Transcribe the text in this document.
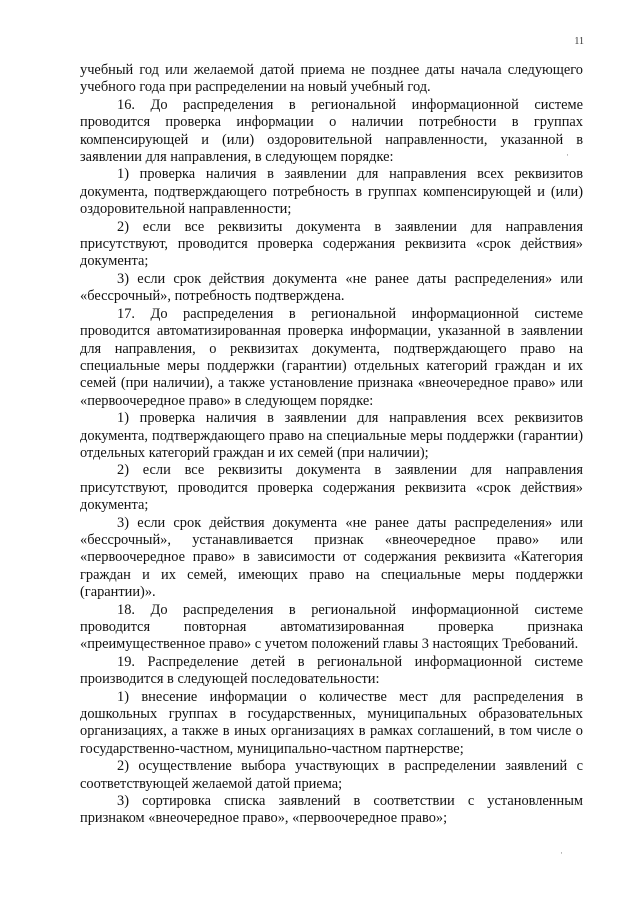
11
·
·

учебный год или желаемой датой приема не позднее даты начала следующего учебного года при распределении на новый учебный год.

16. До распределения в региональной информационной системе проводится проверка информации о наличии потребности в группах компенсирующей и (или) оздоровительной направленности, указанной в заявлении для направления, в следующем порядке:

1) проверка наличия в заявлении для направления всех реквизитов документа, подтверждающего потребность в группах компенсирующей и (или) оздоровительной направленности;

2) если все реквизиты документа в заявлении для направления присутствуют, проводится проверка содержания реквизита «срок действия» документа;

3) если срок действия документа «не ранее даты распределения» или «бессрочный», потребность подтверждена.

17. До распределения в региональной информационной системе проводится автоматизированная проверка информации, указанной в заявлении для направления, о реквизитах документа, подтверждающего право на специальные меры поддержки (гарантии) отдельных категорий граждан и их семей (при наличии), а также установление признака «внеочередное право» или «первоочередное право» в следующем порядке:

1) проверка наличия в заявлении для направления всех реквизитов документа, подтверждающего право на специальные меры поддержки (гарантии) отдельных категорий граждан и их семей (при наличии);

2) если все реквизиты документа в заявлении для направления присутствуют, проводится проверка содержания реквизита «срок действия» документа;

3) если срок действия документа «не ранее даты распределения» или «бессрочный», устанавливается признак «внеочередное право» или «первоочередное право» в зависимости от содержания реквизита «Категория граждан и их семей, имеющих право на специальные меры поддержки (гарантии)».

18. До распределения в региональной информационной системе проводится повторная автоматизированная проверка признака «преимущественное право» с учетом положений главы 3 настоящих Требований.

19. Распределение детей в региональной информационной системе производится в следующей последовательности:

1) внесение информации о количестве мест для распределения в дошкольных группах в государственных, муниципальных образовательных организациях, а также в иных организациях в рамках соглашений, в том числе о государственно-частном, муниципально-частном партнерстве;

2) осуществление выбора участвующих в распределении заявлений с соответствующей желаемой датой приема;

3) сортировка списка заявлений в соответствии с установленным признаком «внеочередное право», «первоочередное право»;
